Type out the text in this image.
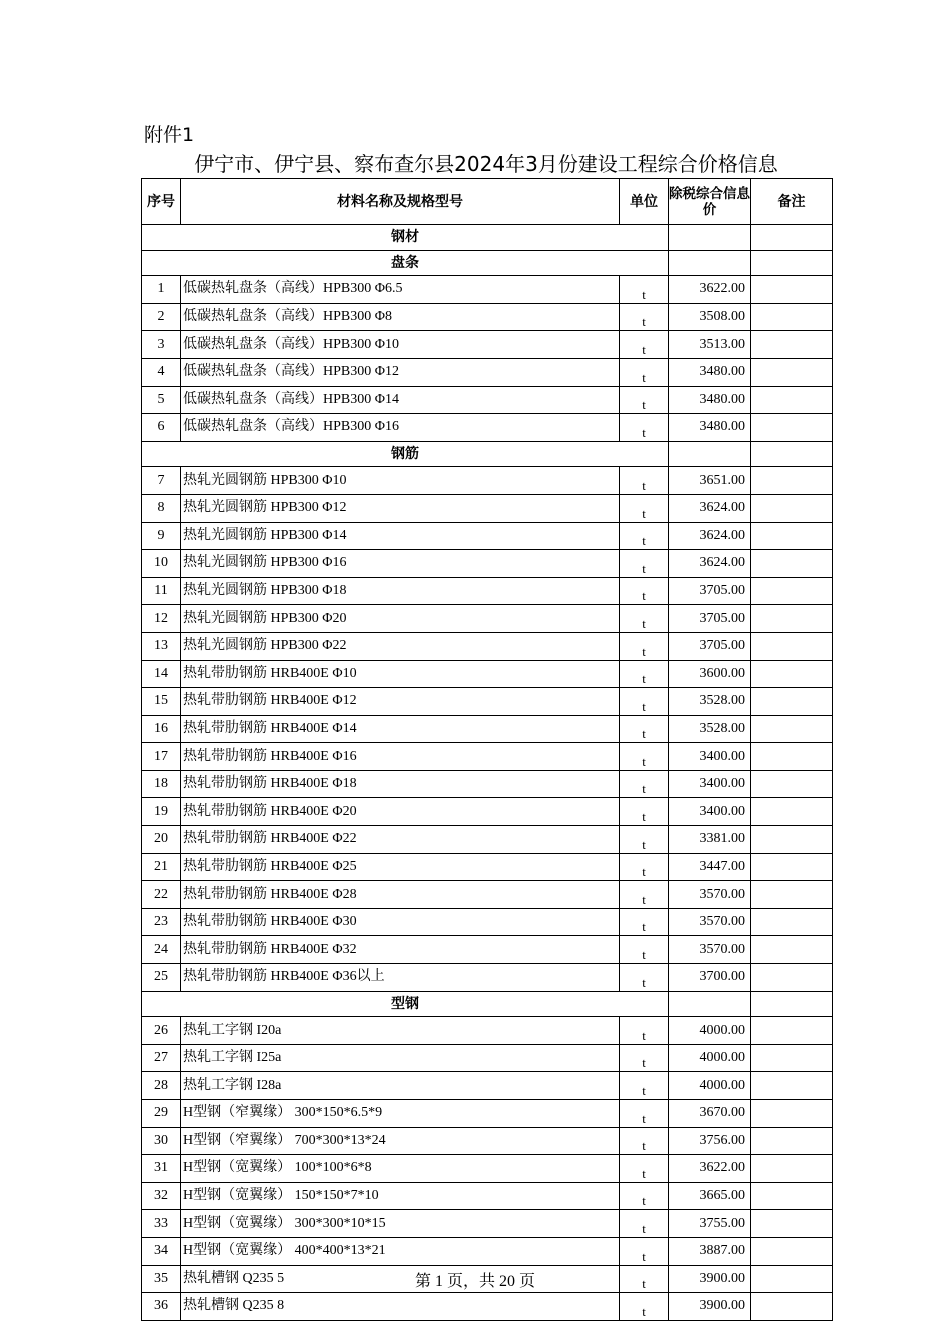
附件1
伊宁市、伊宁县、察布查尔县2024年3月份建设工程综合价格信息
序号	材料名称及规格型号	单位	除税综合信息价	备注
钢材				
盘条				
1	低碳热轧盘条（高线）HPB300 Φ6.5	t	3622.00	
2	低碳热轧盘条（高线）HPB300 Φ8	t	3508.00	
3	低碳热轧盘条（高线）HPB300 Φ10	t	3513.00	
4	低碳热轧盘条（高线）HPB300 Φ12	t	3480.00	
5	低碳热轧盘条（高线）HPB300 Φ14	t	3480.00	
6	低碳热轧盘条（高线）HPB300 Φ16	t	3480.00	
钢筋				
7	热轧光圆钢筋 HPB300 Φ10	t	3651.00	
8	热轧光圆钢筋 HPB300 Φ12	t	3624.00	
9	热轧光圆钢筋 HPB300 Φ14	t	3624.00	
10	热轧光圆钢筋 HPB300 Φ16	t	3624.00	
11	热轧光圆钢筋 HPB300 Φ18	t	3705.00	
12	热轧光圆钢筋 HPB300 Φ20	t	3705.00	
13	热轧光圆钢筋 HPB300 Φ22	t	3705.00	
14	热轧带肋钢筋 HRB400E Φ10	t	3600.00	
15	热轧带肋钢筋 HRB400E Φ12	t	3528.00	
16	热轧带肋钢筋 HRB400E Φ14	t	3528.00	
17	热轧带肋钢筋 HRB400E Φ16	t	3400.00	
18	热轧带肋钢筋 HRB400E Φ18	t	3400.00	
19	热轧带肋钢筋 HRB400E Φ20	t	3400.00	
20	热轧带肋钢筋 HRB400E Φ22	t	3381.00	
21	热轧带肋钢筋 HRB400E Φ25	t	3447.00	
22	热轧带肋钢筋 HRB400E Φ28	t	3570.00	
23	热轧带肋钢筋 HRB400E Φ30	t	3570.00	
24	热轧带肋钢筋 HRB400E Φ32	t	3570.00	
25	热轧带肋钢筋 HRB400E Φ36以上	t	3700.00	
型钢				
26	热轧工字钢 I20a	t	4000.00	
27	热轧工字钢 I25a	t	4000.00	
28	热轧工字钢 I28a	t	4000.00	
29	H型钢（窄翼缘） 300*150*6.5*9	t	3670.00	
30	H型钢（窄翼缘） 700*300*13*24	t	3756.00	
31	H型钢（宽翼缘） 100*100*6*8	t	3622.00	
32	H型钢（宽翼缘） 150*150*7*10	t	3665.00	
33	H型钢（宽翼缘） 300*300*10*15	t	3755.00	
34	H型钢（宽翼缘） 400*400*13*21	t	3887.00	
35	热轧槽钢 Q235 5	t	3900.00	
36	热轧槽钢 Q235 8	t	3900.00	
第 1 页，共 20 页
